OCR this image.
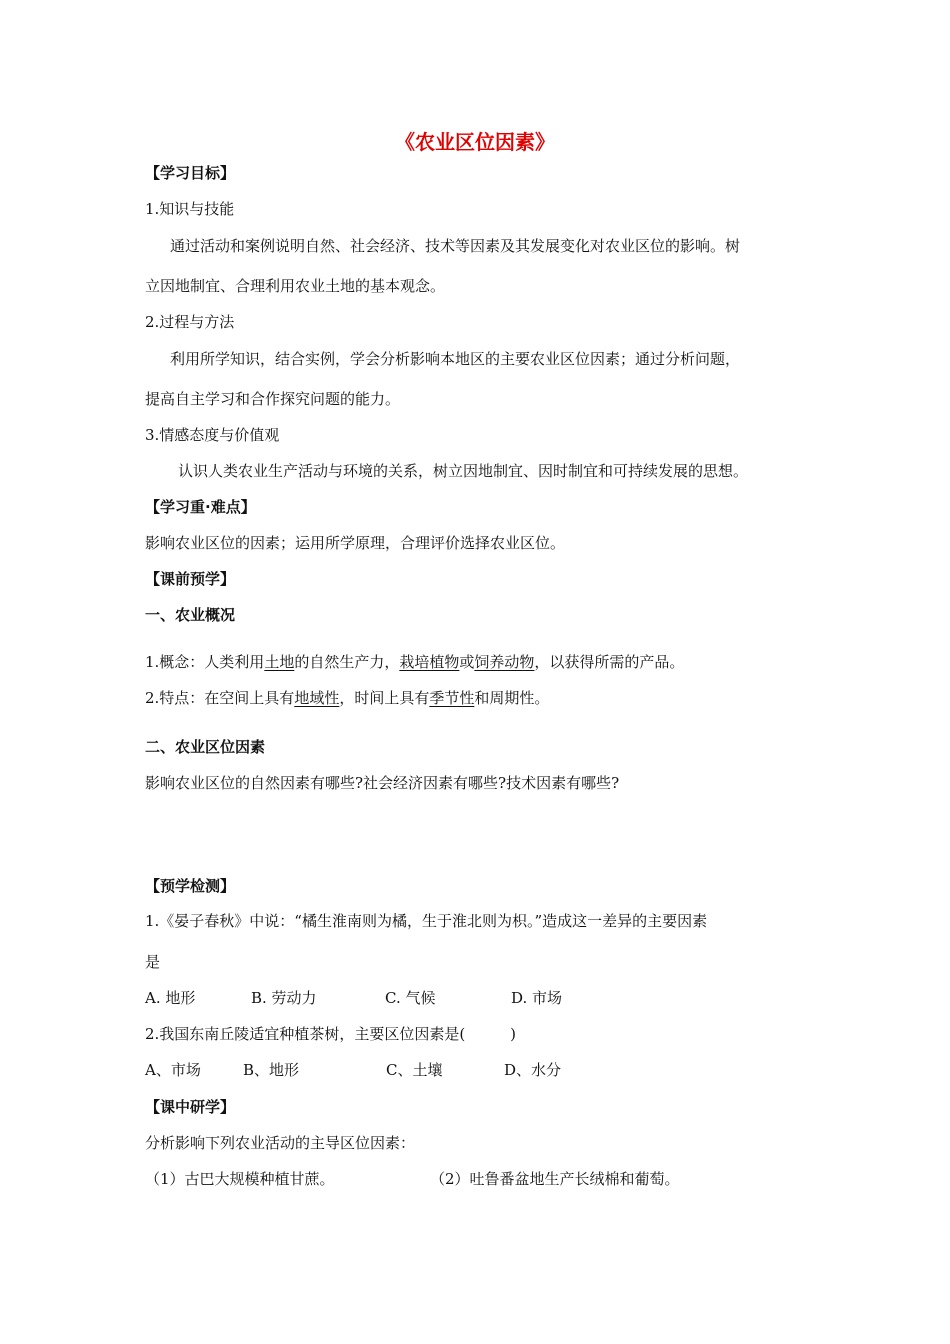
《农业区位因素》
【学习目标】
1.知识与技能
通过活动和案例说明自然、社会经济、技术等因素及其发展变化对农业区位的影响。树
立因地制宜、合理利用农业土地的基本观念。
2.过程与方法
利用所学知识，结合实例，学会分析影响本地区的主要农业区位因素；通过分析问题，
提高自主学习和合作探究问题的能力。
3.情感态度与价值观
认识人类农业生产活动与环境的关系，树立因地制宜、因时制宜和可持续发展的思想。
【学习重·难点】
影响农业区位的因素；运用所学原理，合理评价选择农业区位。
【课前预学】
一、农业概况
1.概念：人类利用土地的自然生产力，栽培植物或饲养动物，以获得所需的产品。
2.特点：在空间上具有地域性，时间上具有季节性和周期性。
二、农业区位因素
影响农业区位的自然因素有哪些?社会经济因素有哪些?技术因素有哪些?
【预学检测】
1.《晏子春秋》中说：“橘生淮南则为橘，生于淮北则为枳。”造成这一差异的主要因素
是
A. 地形	B. 劳动力	C. 气候	D. 市场
2.我国东南丘陵适宜种植茶树，主要区位因素是(　　　)
A、市场	B、地形	C、土壤	D、水分
【课中研学】
分析影响下列农业活动的主导区位因素：
（1）古巴大规模种植甘蔗。	（2）吐鲁番盆地生产长绒棉和葡萄。
